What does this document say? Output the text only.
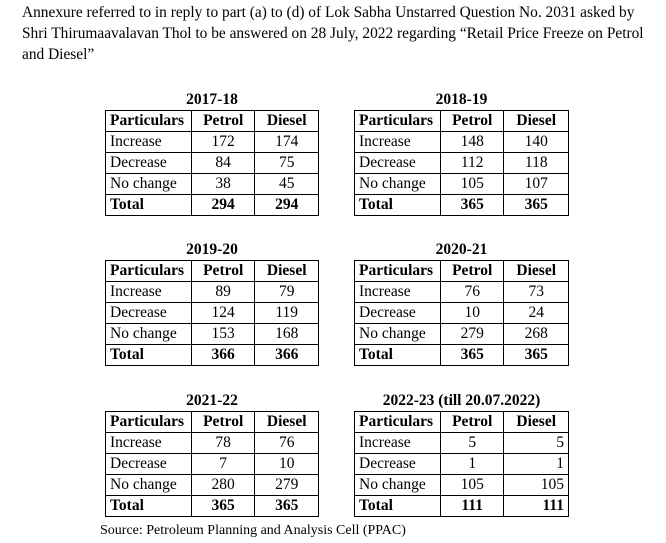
Annexure referred to in reply to part (a) to (d) of Lok Sabha Unstarred Question No. 2031 asked by Shri Thirumaavalavan Thol to be answered on 28 July, 2022 regarding “Retail Price Freeze on Petrol and Diesel”

2017-18
Particulars	Petrol	Diesel
Increase	172	174
Decrease	84	75
No change	38	45
Total	294	294
2018-19
Particulars	Petrol	Diesel
Increase	148	140
Decrease	112	118
No change	105	107
Total	365	365
2019-20
Particulars	Petrol	Diesel
Increase	89	79
Decrease	124	119
No change	153	168
Total	366	366
2020-21
Particulars	Petrol	Diesel
Increase	76	73
Decrease	10	24
No change	279	268
Total	365	365
2021-22
Particulars	Petrol	Diesel
Increase	78	76
Decrease	7	10
No change	280	279
Total	365	365
2022-23 (till 20.07.2022)
Particulars	Petrol	Diesel
Increase	5	5
Decrease	1	1
No change	105	105
Total	111	111
Source: Petroleum Planning and Analysis Cell (PPAC)
